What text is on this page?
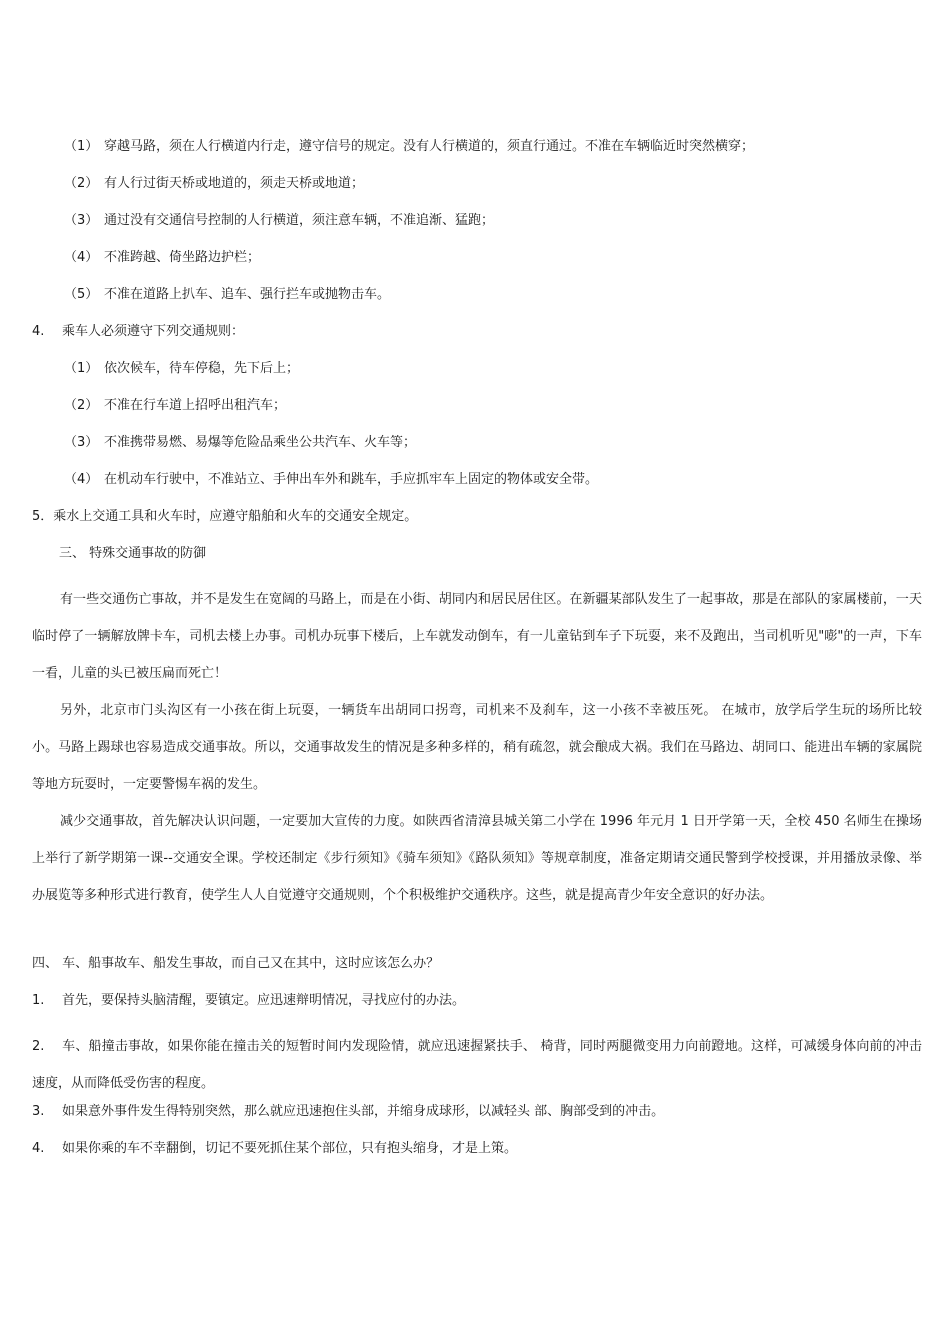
（1） 穿越马路，须在人行横道内行走，遵守信号的规定。没有人行横道的，须直行通过。不准在车辆临近时突然横穿；
（2） 有人行过街天桥或地道的，须走天桥或地道；
（3） 通过没有交通信号控制的人行横道，须注意车辆，不准追渐、猛跑；
（4） 不准跨越、倚坐路边护栏；
（5） 不准在道路上扒车、追车、强行拦车或抛物击车。
4. 乘车人必须遵守下列交通规则：
（1） 依次候车，待车停稳，先下后上；
（2） 不准在行车道上招呼出租汽车；
（3） 不准携带易燃、易爆等危险品乘坐公共汽车、火车等；
（4） 在机动车行驶中，不准站立、手伸出车外和跳车，手应抓牢车上固定的物体或安全带。
5．乘水上交通工具和火车时，应遵守船舶和火车的交通安全规定。
三、 特殊交通事故的防御

有一些交通伤亡事故，并不是发生在宽阔的马路上，而是在小街、胡同内和居民居住区。在新疆某部队发生了一起事故，那是在部队的家属楼前，一天临时停了一辆解放牌卡车，司机去楼上办事。司机办玩事下楼后，上车就发动倒车，有一儿童钻到车子下玩耍，来不及跑出，当司机听见"嘭"的一声，下车一看，儿童的头已被压扁而死亡！

另外，北京市门头沟区有一小孩在街上玩耍，一辆货车出胡同口拐弯，司机来不及刹车，这一小孩不幸被压死。 在城市，放学后学生玩的场所比较小。马路上踢球也容易造成交通事故。所以，交通事故发生的情况是多种多样的，稍有疏忽，就会酿成大祸。我们在马路边、胡同口、能进出车辆的家属院等地方玩耍时，一定要警惕车祸的发生。

减少交通事故，首先解决认识问题，一定要加大宣传的力度。如陕西省清漳县城关第二小学在 1996 年元月 1 日开学第一天，全校 450 名师生在操场上举行了新学期第一课--交通安全课。学校还制定《步行须知》《骑车须知》《路队须知》等规章制度，准备定期请交通民警到学校授课，并用播放录像、举办展览等多种形式进行教育，使学生人人自觉遵守交通规则，个个积极维护交通秩序。这些，就是提高青少年安全意识的好办法。

四、 车、船事故车、船发生事故，而自己又在其中，这时应该怎么办？
1. 首先，要保持头脑清醒，要镇定。应迅速辩明情况，寻找应付的办法。

2. 车、船撞击事故，如果你能在撞击关的短暂时间内发现险情，就应迅速握紧扶手、 椅背，同时两腿微变用力向前蹬地。这样，可减缓身体向前的冲击速度，从而降低受伤害的程度。

3. 如果意外事件发生得特别突然，那么就应迅速抱住头部，并缩身成球形，以减轻头 部、胸部受到的冲击。
4. 如果你乘的车不幸翻倒，切记不要死抓住某个部位，只有抱头缩身，才是上策。
